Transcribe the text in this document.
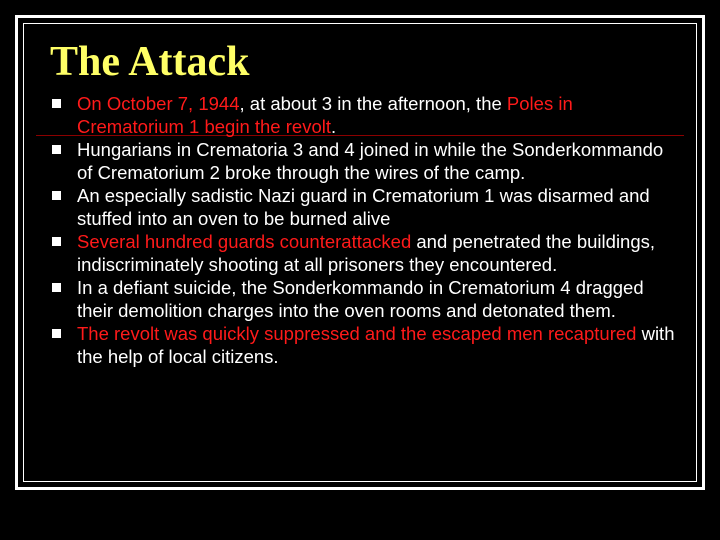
The Attack
On October 7, 1944, at about 3 in the afternoon, the Poles in Crematorium 1 begin the revolt.
Hungarians in Crematoria 3 and 4 joined in while the Sonderkommando of Crematorium 2 broke through the wires of the camp.
An especially sadistic Nazi guard in Crematorium 1 was disarmed and stuffed into an oven to be burned alive
Several hundred guards counterattacked and penetrated the buildings, indiscriminately shooting at all prisoners they encountered.
In a defiant suicide, the Sonderkommando in Crematorium 4 dragged their demolition charges into the oven rooms and detonated them.
The revolt was quickly suppressed and the escaped men recaptured with the help of local citizens.
